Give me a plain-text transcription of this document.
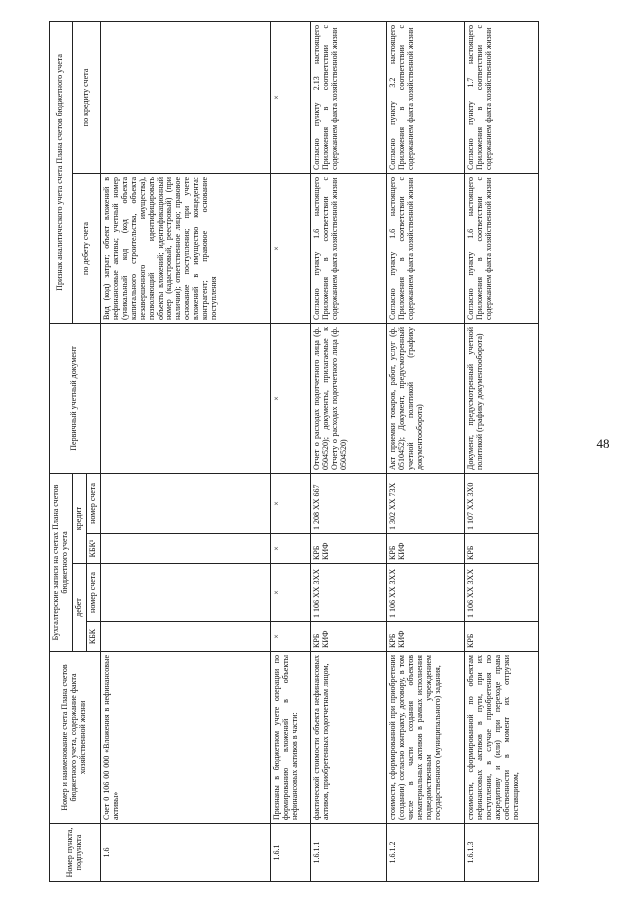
48
Номер пункта, подпункта	Номер и наименование счета Плана счетов бюджетного учета, содержание факта хозяйственной жизни	Бухгалтерские записи на счетах Плана счетов бюджетного учета				Первичный учетный документ	Признак аналитического учета счета Плана счетов бюджетного учета	
		дебет		кредит			по дебету счета	по кредиту счета
		КБК	номер счета	КБК¹	номер счета			
1.6	Счет 0 106 00 000 «Вложения в нефинансовые активы»						Вид (код) затрат; объект вложений в нефинансовые активы; учетный номер (уникальный код (код объекта капитального строительства, объекта незавершенного имущества), позволяющий идентифицировать объекты вложений; идентификационный номер (кадастровый, реестровый) (при наличии); ответственное лицо; правовое основание поступления; при учете вложений в имущество концедента: контрагент; правовое основание поступления	
1.6.1	Признаны в бюджетном учете операции по формированию вложений в объекты нефинансовых активов в части:	×	×	×	×	×	×	×
1.6.1.1	фактической стоимости объекта нефинансовых активов, приобретенных подотчетным лицом,	КРБ КИФ	1 106 XX 3XX	КРБ КИФ	1 208 XX 667	Отчет о расходах подотчетного лица (ф. 0504520); документы, прилагаемые к Отчету о расходах подотчетного лица (ф. 0504520)	Согласно пункту 1.6 настоящего Приложения в соответствии с содержанием факта хозяйственной жизни	Согласно пункту 2.13 настоящего Приложения в соответствии с содержанием факта хозяйственной жизни
1.6.1.2	стоимости, сформированной при приобретении (создании) согласно контракту, договору, в том числе в части создания объектов нематериальных активов в рамках исполнения подведомственным учреждением государственного (муниципального) задания,	КРБ КИФ	1 106 XX 3XX	КРБ КИФ	1 302 XX 73X	Акт приемки товаров, работ, услуг (ф. 0510452); Документ, предусмотренный учетной политикой (графику документооборота)	Согласно пункту 1.6 настоящего Приложения в соответствии с содержанием факта хозяйственной жизни	Согласно пункту 3.2 настоящего Приложения в соответствии с содержанием факта хозяйственной жизни
1.6.1.3	стоимости, сформированной по объектам нефинансовых активов в пути, при их поступлении, в случае приобретения по аккредитиву и (или) при переходе права собственности в момент их отгрузки поставщиком,	КРБ	1 106 XX 3XX	КРБ	1 107 XX 3X0	Документ, предусмотренный учетной политикой (графику документооборота)	Согласно пункту 1.6 настоящего Приложения в соответствии с содержанием факта хозяйственной жизни	Согласно пункту 1.7 настоящего Приложения в соответствии с содержанием факта хозяйственной жизни
